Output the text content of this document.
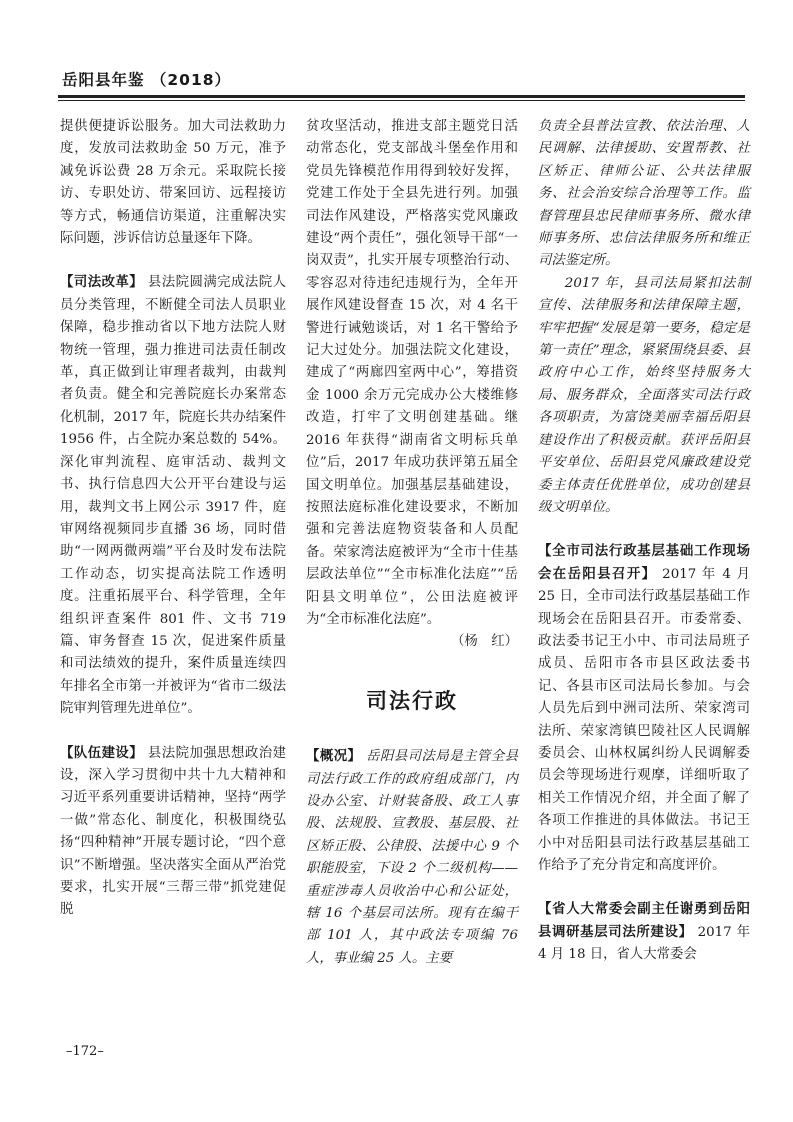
岳阳县年鉴 （2018）

提供便捷诉讼服务。加大司法救助力度，发放司法救助金 50 万元，准予减免诉讼费 28 万余元。采取院长接访、专职处访、带案回访、远程接访等方式，畅通信访渠道，注重解决实际问题，涉诉信访总量逐年下降。

【司法改革】 县法院圆满完成法院人员分类管理，不断健全司法人员职业保障，稳步推动省以下地方法院人财物统一管理，强力推进司法责任制改革，真正做到让审理者裁判，由裁判者负责。健全和完善院庭长办案常态化机制，2017 年，院庭长共办结案件 1956 件，占全院办案总数的 54%。深化审判流程、庭审活动、裁判文书、执行信息四大公开平台建设与运用，裁判文书上网公示 3917 件，庭审网络视频同步直播 36 场，同时借助“一网两微两端”平台及时发布法院工作动态，切实提高法院工作透明度。注重拓展平台、科学管理，全年组织评查案件 801 件、文书 719 篇、审务督查 15 次，促进案件质量和司法绩效的提升，案件质量连续四年排名全市第一并被评为“省市二级法院审判管理先进单位”。

【队伍建设】 县法院加强思想政治建设，深入学习贯彻中共十九大精神和习近平系列重要讲话精神，坚持“两学一做”常态化、制度化，积极围绕弘扬“四种精神”开展专题讨论，“四个意识”不断增强。坚决落实全面从严治党要求，扎实开展“三帮三带”抓党建促脱

贫攻坚活动，推进支部主题党日活动常态化，党支部战斗堡垒作用和党员先锋模范作用得到较好发挥，党建工作处于全县先进行列。加强司法作风建设，严格落实党风廉政建设“两个责任”，强化领导干部“一岗双责”，扎实开展专项整治行动、零容忍对待违纪违规行为，全年开展作风建设督查 15 次，对 4 名干警进行诫勉谈话，对 1 名干警给予记大过处分。加强法院文化建设，建成了“两廊四室两中心”，筹措资金 1000 余万元完成办公大楼维修改造，打牢了文明创建基础。继 2016 年获得“湖南省文明标兵单位”后，2017 年成功获评第五届全国文明单位。加强基层基础建设，按照法庭标准化建设要求，不断加强和完善法庭物资装备和人员配备。荣家湾法庭被评为“全市十佳基层政法单位”“全市标准化法庭”“岳阳县文明单位”，公田法庭被评为“全市标准化法庭”。

（杨　红）

司法行政

【概况】 岳阳县司法局是主管全县司法行政工作的政府组成部门，内设办公室、计财装备股、政工人事股、法规股、宣教股、基层股、社区矫正股、公律股、法援中心 9 个职能股室，下设 2 个二级机构——重症涉毒人员收治中心和公证处，辖 16 个基层司法所。现有在编干部 101 人，其中政法专项编 76 人，事业编 25 人。主要

负责全县普法宣教、依法治理、人民调解、法律援助、安置帮教、社区矫正、律师公证、公共法律服务、社会治安综合治理等工作。监督管理县忠民律师事务所、微水律师事务所、忠信法律服务所和维正司法鉴定所。

2017 年，县司法局紧扣法制宣传、法律服务和法律保障主题，牢牢把握“发展是第一要务，稳定是第一责任”理念，紧紧围绕县委、县政府中心工作，始终坚持服务大局、服务群众，全面落实司法行政各项职责，为富饶美丽幸福岳阳县建设作出了积极贡献。获评岳阳县平安单位、岳阳县党风廉政建设党委主体责任优胜单位，成功创建县级文明单位。

【全市司法行政基层基础工作现场会在岳阳县召开】 2017 年 4 月 25 日，全市司法行政基层基础工作现场会在岳阳县召开。市委常委、政法委书记王小中、市司法局班子成员、岳阳市各市县区政法委书记、各县市区司法局长参加。与会人员先后到中洲司法所、荣家湾司法所、荣家湾镇巴陵社区人民调解委员会、山林权属纠纷人民调解委员会等现场进行观摩，详细听取了相关工作情况介绍，并全面了解了各项工作推进的具体做法。书记王小中对岳阳县司法行政基层基础工作给予了充分肯定和高度评价。

【省人大常委会副主任谢勇到岳阳县调研基层司法所建设】 2017 年 4 月 18 日，省人大常委会

–172–
